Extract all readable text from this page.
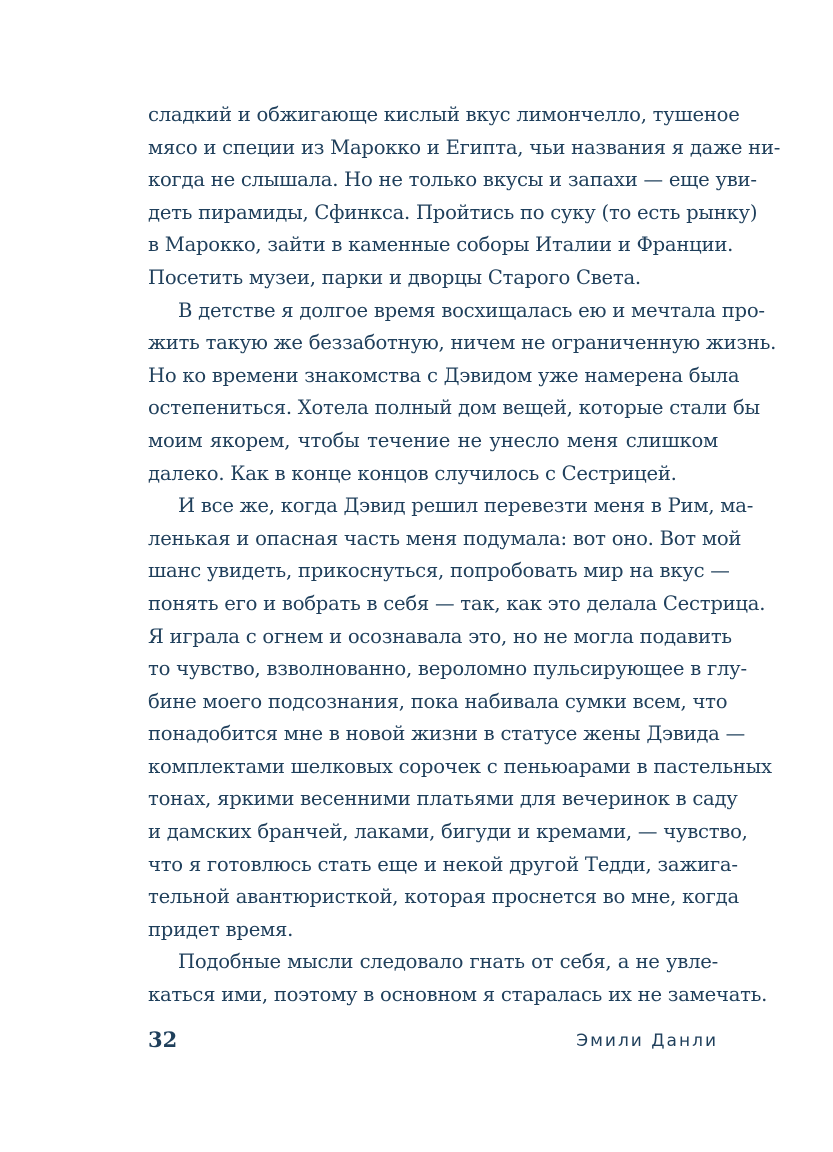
сладкий и обжигающе кислый вкус лимончелло, тушеное
мясо и специи из Марокко и Египта, чьи названия я даже ни-
когда не слышала. Но не только вкусы и запахи — еще уви-
деть пирамиды, Сфинкса. Пройтись по суку (то есть рынку)
в Марокко, зайти в каменные соборы Италии и Франции.
Посетить музеи, парки и дворцы Старого Света.
В детстве я долгое время восхищалась ею и мечтала про-
жить такую же беззаботную, ничем не ограниченную жизнь.
Но ко времени знакомства с Дэвидом уже намерена была
остепениться. Хотела полный дом вещей, которые стали бы
моим якорем, чтобы течение не унесло меня слишком
далеко. Как в конце концов случилось с Сестрицей.
И все же, когда Дэвид решил перевезти меня в Рим, ма-
ленькая и опасная часть меня подумала: вот оно. Вот мой
шанс увидеть, прикоснуться, попробовать мир на вкус —
понять его и вобрать в себя — так, как это делала Сестрица.
Я играла с огнем и осознавала это, но не могла подавить
то чувство, взволнованно, вероломно пульсирующее в глу-
бине моего подсознания, пока набивала сумки всем, что
понадобится мне в новой жизни в статусе жены Дэвида —
комплектами шелковых сорочек с пеньюарами в пастельных
тонах, яркими весенними платьями для вечеринок в саду
и дамских бранчей, лаками, бигуди и кремами, — чувство,
что я готовлюсь стать еще и некой другой Тедди, зажига-
тельной авантюристкой, которая проснется во мне, когда
придет время.
Подобные мысли следовало гнать от себя, а не увле-
каться ими, поэтому в основном я старалась их не замечать.
32	Эмили Данли
